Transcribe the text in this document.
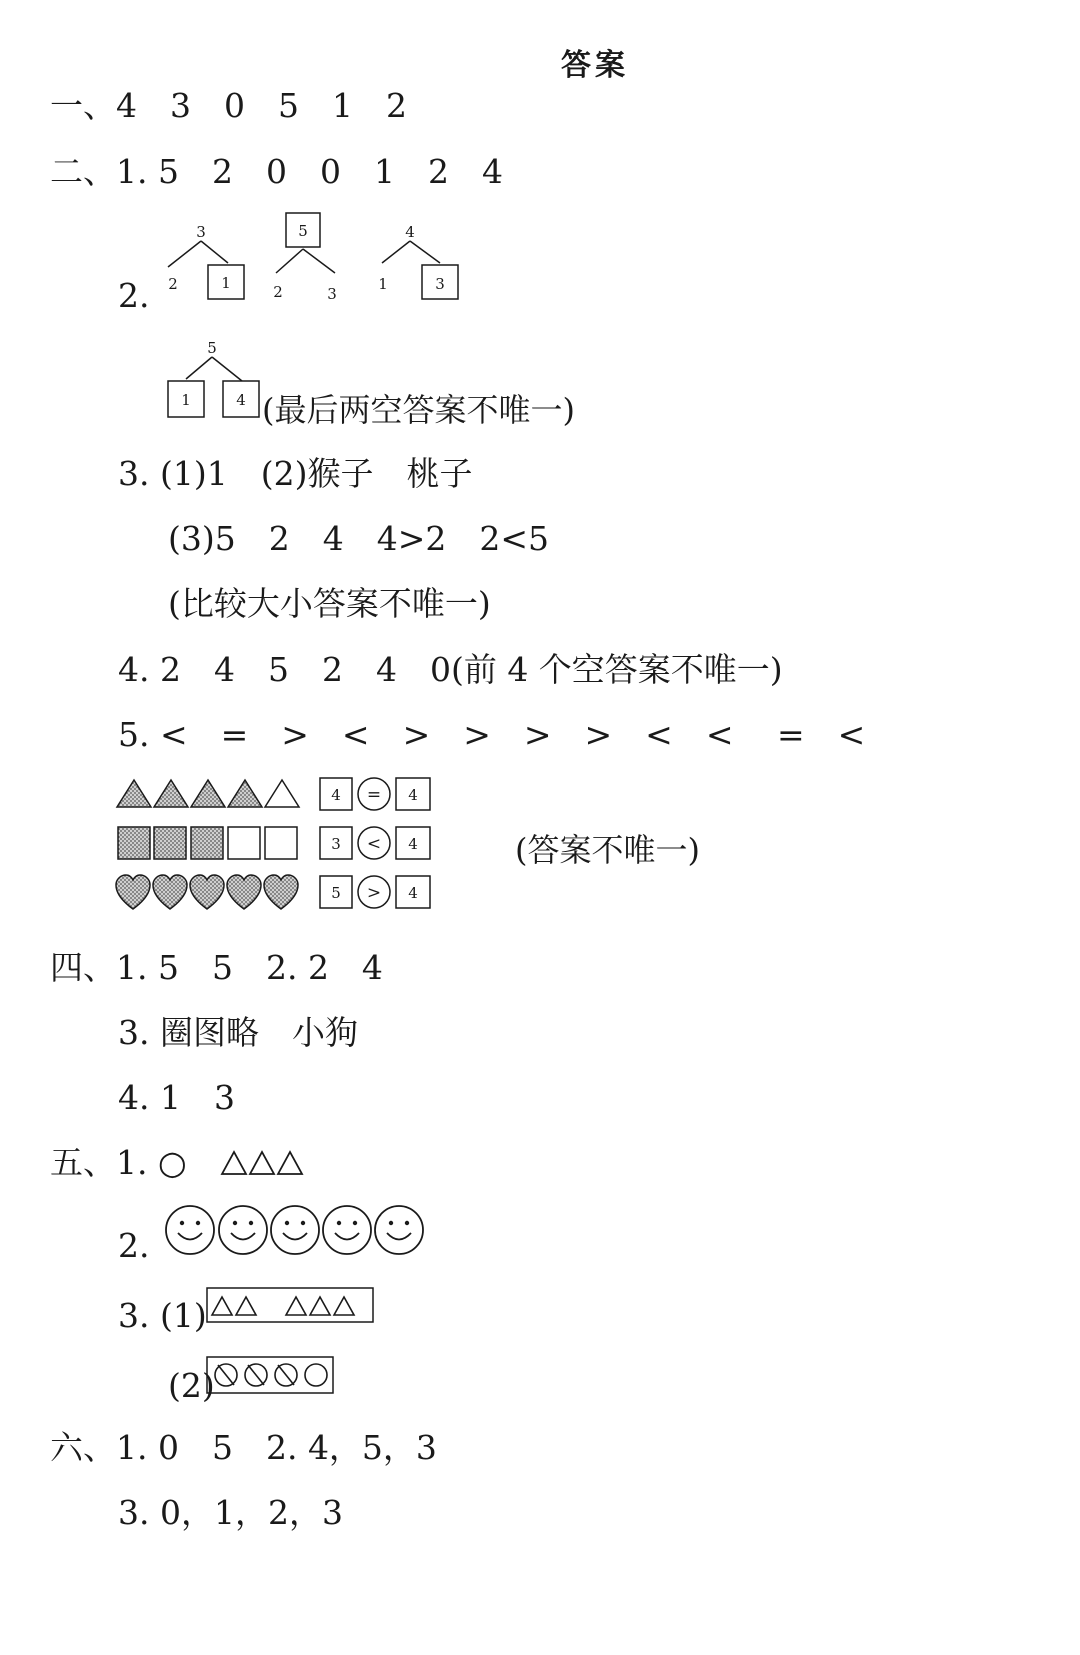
答案
一、4　3　0　5　1　2
二、1. 5　2　0　0　1　2　4
2.
3
2	1
5
2	3
4
1	3
5
1	4 (最后两空答案不唯一)
3. (1)1　(2)猴子　桃子
(3)5　2　4　4>2　2<5
(比较大小答案不唯一)
4. 2　4　5　2　4　0(前 4 个空答案不唯一)
5. <　=　>　<　>　>　>　>　<　<　 =　<
4 = 4
3 < 4
5 > 4
(答案不唯一)
四、1. 5　5　2. 2　4
3. 圈图略　小狗
4. 1　3
五、1. ○
2.
3. (1)
(2)
六、1. 0　5　2. 4，5，3
3. 0，1，2，3
